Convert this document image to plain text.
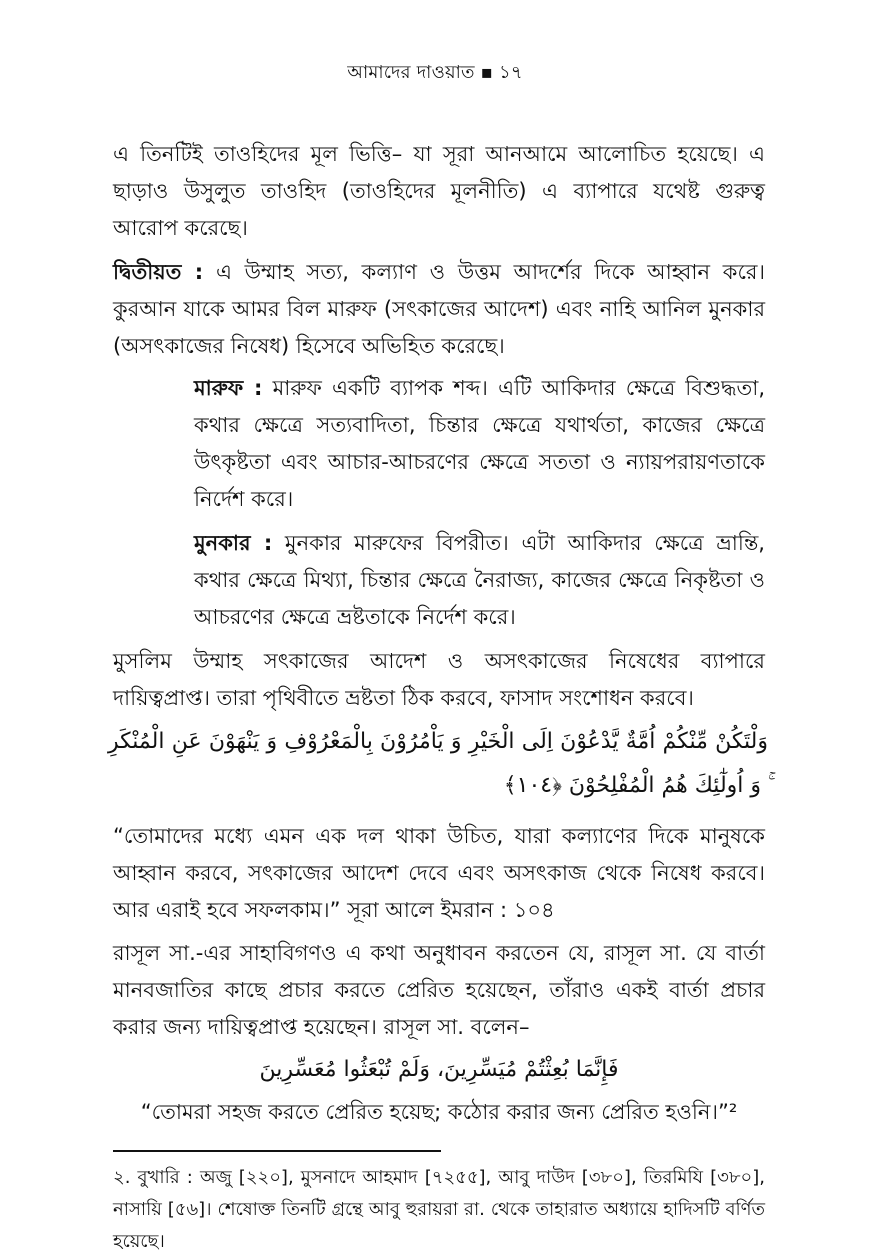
আমাদের দাওয়াত ▪ ১৭

এ তিনটিই তাওহিদের মূল ভিত্তি– যা সূরা আনআমে আলোচিত হয়েছে। এ ছাড়াও উসুলুত তাওহিদ (তাওহিদের মূলনীতি) এ ব্যাপারে যথেষ্ট গুরুত্ব আরোপ করেছে।

দ্বিতীয়ত : এ উম্মাহ সত্য, কল্যাণ ও উত্তম আদর্শের দিকে আহ্বান করে। কুরআন যাকে আমর বিল মারুফ (সৎকাজের আদেশ) এবং নাহি আনিল মুনকার (অসৎকাজের নিষেধ) হিসেবে অভিহিত করেছে।

মারুফ : মারুফ একটি ব্যাপক শব্দ। এটি আকিদার ক্ষেত্রে বিশুদ্ধতা, কথার ক্ষেত্রে সত্যবাদিতা, চিন্তার ক্ষেত্রে যথার্থতা, কাজের ক্ষেত্রে উৎকৃষ্টতা এবং আচার-আচরণের ক্ষেত্রে সততা ও ন্যায়পরায়ণতাকে নির্দেশ করে।

মুনকার : মুনকার মারুফের বিপরীত। এটা আকিদার ক্ষেত্রে ভ্রান্তি, কথার ক্ষেত্রে মিথ্যা, চিন্তার ক্ষেত্রে নৈরাজ্য, কাজের ক্ষেত্রে নিকৃষ্টতা ও আচরণের ক্ষেত্রে ভ্রষ্টতাকে নির্দেশ করে।

মুসলিম উম্মাহ সৎকাজের আদেশ ও অসৎকাজের নিষেধের ব্যাপারে দায়িত্বপ্রাপ্ত। তারা পৃথিবীতে ভ্রষ্টতা ঠিক করবে, ফাসাদ সংশোধন করবে।

وَلْتَكُنْ مِّنْكُمْ اُمَّةٌ يَّدْعُوْنَ اِلَى الْخَيْرِ وَ يَاْمُرُوْنَ بِالْمَعْرُوْفِ وَ يَنْهَوْنَ عَنِ الْمُنْكَرِ ۚ وَ اُولٰٓئِكَ هُمُ الْمُفْلِحُوْنَ ﴿١٠٤﴾

“তোমাদের মধ্যে এমন এক দল থাকা উচিত, যারা কল্যাণের দিকে মানুষকে আহ্বান করবে, সৎকাজের আদেশ দেবে এবং অসৎকাজ থেকে নিষেধ করবে। আর এরাই হবে সফলকাম।” সূরা আলে ইমরান : ১০৪

রাসূল সা.-এর সাহাবিগণও এ কথা অনুধাবন করতেন যে, রাসূল সা. যে বার্তা মানবজাতির কাছে প্রচার করতে প্রেরিত হয়েছেন, তাঁরাও একই বার্তা প্রচার করার জন্য দায়িত্বপ্রাপ্ত হয়েছেন। রাসূল সা. বলেন–

فَإِنَّمَا بُعِثْتُمْ مُيَسِّرِينَ، وَلَمْ تُبْعَثُوا مُعَسِّرِينَ

“তোমরা সহজ করতে প্রেরিত হয়েছ; কঠোর করার জন্য প্রেরিত হওনি।”²

২. বুখারি : অজু [২২০], মুসনাদে আহমাদ [৭২৫৫], আবু দাউদ [৩৮০], তিরমিযি [৩৮০], নাসায়ি [৫৬]। শেষোক্ত তিনটি গ্রন্থে আবু হুরায়রা রা. থেকে তাহারাত অধ্যায়ে হাদিসটি বর্ণিত হয়েছে।
